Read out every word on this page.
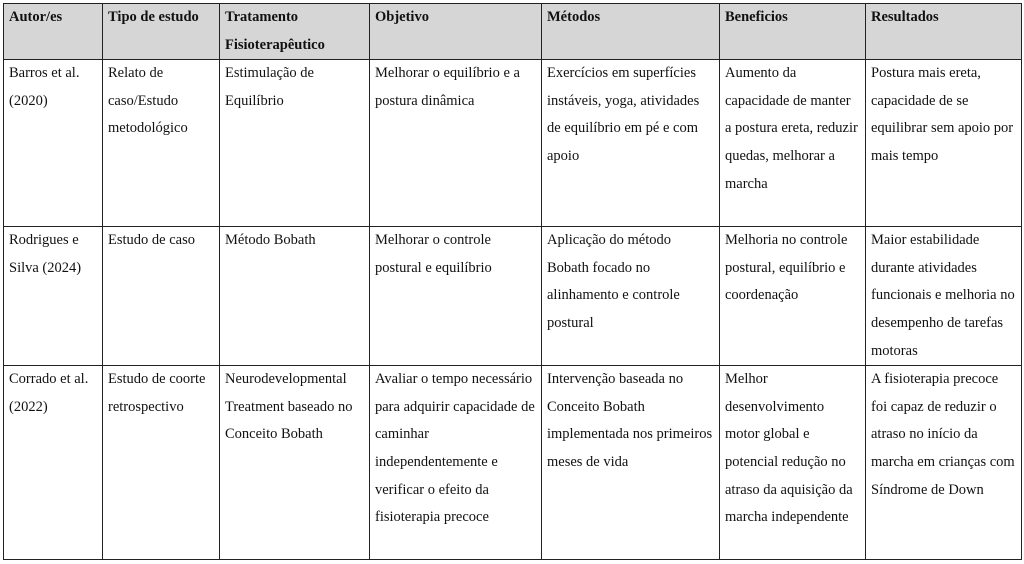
Autor/es	Tipo de estudo	Tratamento Fisioterapêutico	Objetivo	Métodos	Beneficios	Resultados
Barros et al. (2020)	Relato de caso/Estudo metodológico	Estimulação de Equilíbrio	Melhorar o equilíbrio e a postura dinâmica	Exercícios em superfícies instáveis, yoga, atividades de equilíbrio em pé e com apoio	Aumento da capacidade de manter a postura ereta, reduzir quedas, melhorar a marcha	Postura mais ereta, capacidade de se equilibrar sem apoio por mais tempo
Rodrigues e Silva (2024)	Estudo de caso	Método Bobath	Melhorar o controle postural e equilíbrio	Aplicação do método Bobath focado no alinhamento e controle postural	Melhoria no controle postural, equilíbrio e coordenação	Maior estabilidade durante atividades funcionais e melhoria no desempenho de tarefas motoras
Corrado et al. (2022)	Estudo de coorte retrospectivo	Neurodevelopmental Treatment baseado no Conceito Bobath	Avaliar o tempo necessário para adquirir capacidade de caminhar independentemente e verificar o efeito da fisioterapia precoce	Intervenção baseada no Conceito Bobath implementada nos primeiros meses de vida	Melhor desenvolvimento motor global e potencial redução no atraso da aquisição da marcha independente	A fisioterapia precoce foi capaz de reduzir o atraso no início da marcha em crianças com Síndrome de Down
